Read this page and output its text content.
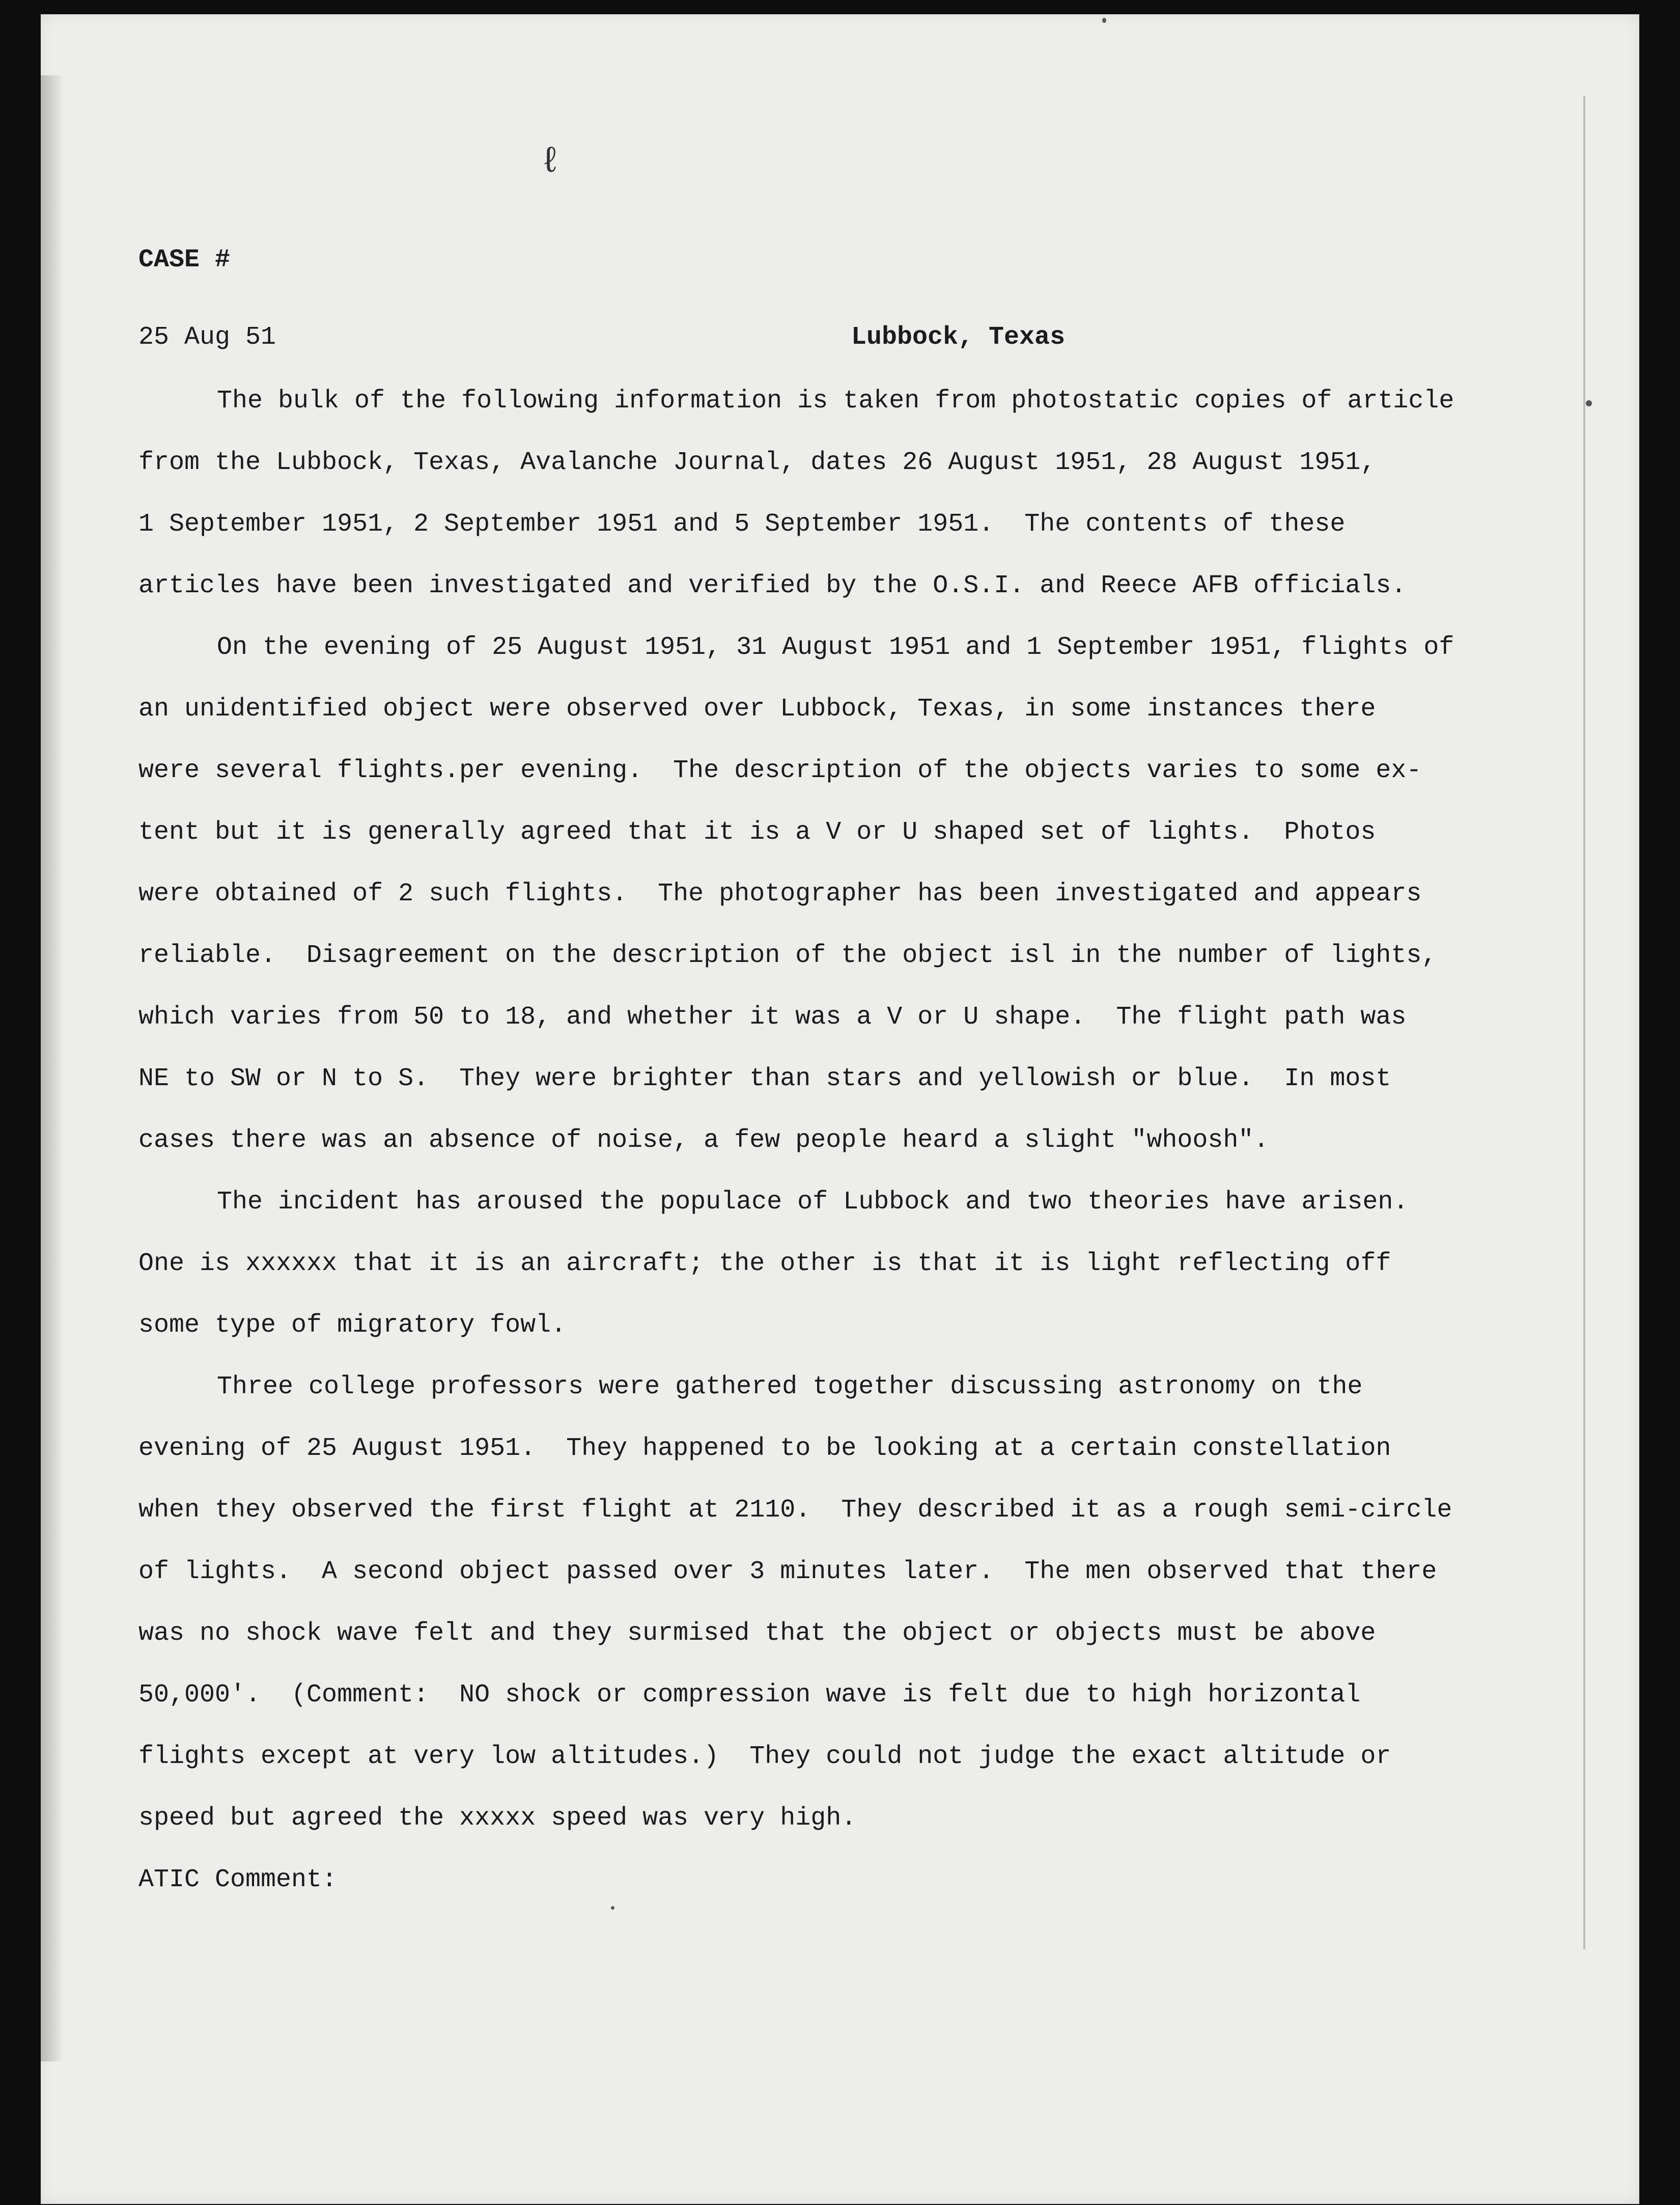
ℓ
CASE #
25 Aug 51	Lubbock, Texas
The bulk of the following information is taken from photostatic copies of article
from the Lubbock, Texas, Avalanche Journal, dates 26 August 1951, 28 August 1951,
1 September 1951, 2 September 1951 and 5 September 1951.  The contents of these
articles have been investigated and verified by the O.S.I. and Reece AFB officials.
On the evening of 25 August 1951, 31 August 1951 and 1 September 1951, flights of
an unidentified object were observed over Lubbock, Texas, in some instances there
were several flights.per evening.  The description of the objects varies to some ex-
tent but it is generally agreed that it is a V or U shaped set of lights.  Photos
were obtained of 2 such flights.  The photographer has been investigated and appears
reliable.  Disagreement on the description of the object isl in the number of lights,
which varies from 50 to 18, and whether it was a V or U shape.  The flight path was
NE to SW or N to S.  They were brighter than stars and yellowish or blue.  In most
cases there was an absence of noise, a few people heard a slight "whoosh".
The incident has aroused the populace of Lubbock and two theories have arisen.
One is xxxxxx that it is an aircraft; the other is that it is light reflecting off
some type of migratory fowl.
Three college professors were gathered together discussing astronomy on the
evening of 25 August 1951.  They happened to be looking at a certain constellation
when they observed the first flight at 2110.  They described it as a rough semi-circle
of lights.  A second object passed over 3 minutes later.  The men observed that there
was no shock wave felt and they surmised that the object or objects must be above
50,000'.  (Comment:  NO shock or compression wave is felt due to high horizontal
flights except at very low altitudes.)  They could not judge the exact altitude or
speed but agreed the xxxxx speed was very high.
ATIC Comment:
